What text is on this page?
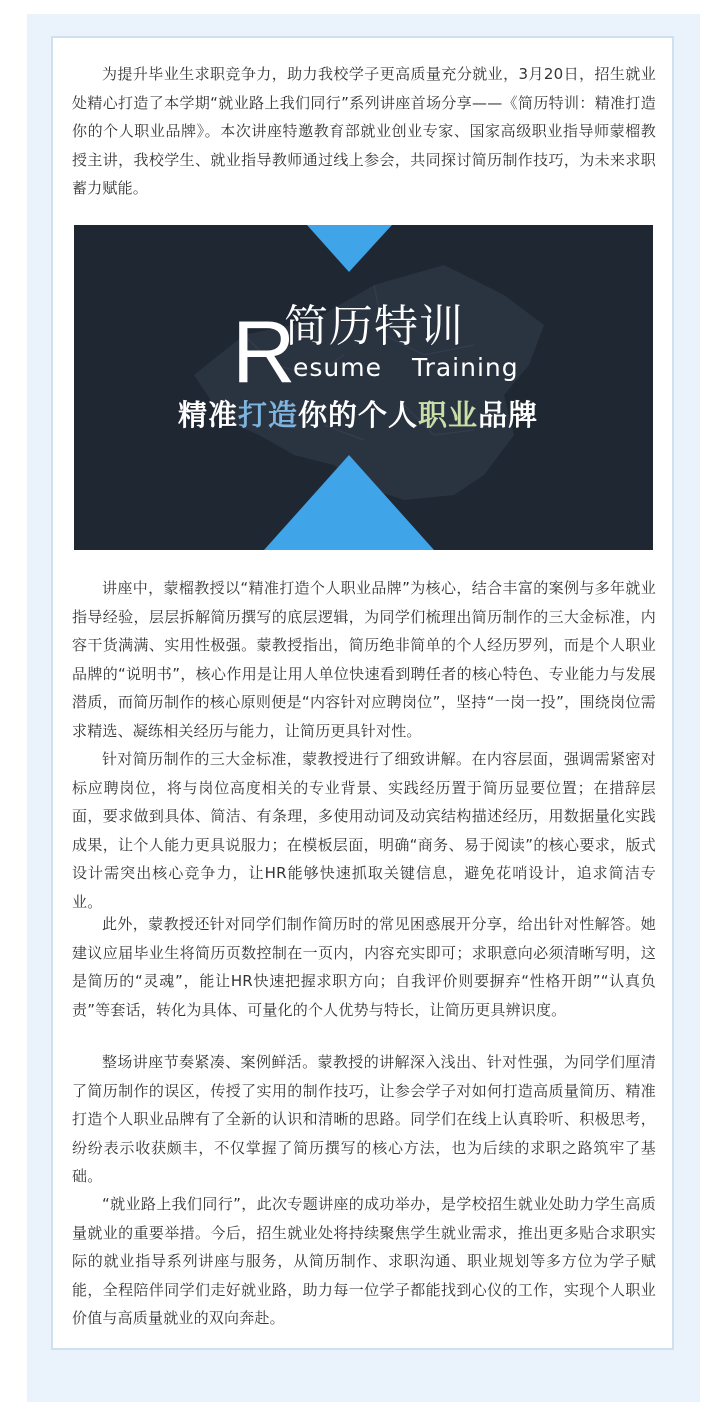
为提升毕业生求职竞争力，助力我校学子更高质量充分就业，3月20日，招生就业处精心打造了本学期“就业路上我们同行”系列讲座首场分享——《简历特训：精准打造你的个人职业品牌》。本次讲座特邀教育部就业创业专家、国家高级职业指导师蒙榴教授主讲，我校学生、就业指导教师通过线上参会，共同探讨简历制作技巧，为未来求职蓄力赋能。

R
简历特训
esume Training
精准打造你的个人职业品牌

讲座中，蒙榴教授以“精准打造个人职业品牌”为核心，结合丰富的案例与多年就业指导经验，层层拆解简历撰写的底层逻辑，为同学们梳理出简历制作的三大金标准，内容干货满满、实用性极强。蒙教授指出，简历绝非简单的个人经历罗列，而是个人职业品牌的“说明书”，核心作用是让用人单位快速看到聘任者的核心特色、专业能力与发展潜质，而简历制作的核心原则便是“内容针对应聘岗位”，坚持“一岗一投”，围绕岗位需求精选、凝练相关经历与能力，让简历更具针对性。

针对简历制作的三大金标准，蒙教授进行了细致讲解。在内容层面，强调需紧密对标应聘岗位，将与岗位高度相关的专业背景、实践经历置于简历显要位置；在措辞层面，要求做到具体、简洁、有条理，多使用动词及动宾结构描述经历，用数据量化实践成果，让个人能力更具说服力；在模板层面，明确“商务、易于阅读”的核心要求，版式设计需突出核心竞争力，让HR能够快速抓取关键信息，避免花哨设计，追求简洁专业。

此外，蒙教授还针对同学们制作简历时的常见困惑展开分享，给出针对性解答。她建议应届毕业生将简历页数控制在一页内，内容充实即可；求职意向必须清晰写明，这是简历的“灵魂”，能让HR快速把握求职方向；自我评价则要摒弃“性格开朗”“认真负责”等套话，转化为具体、可量化的个人优势与特长，让简历更具辨识度。

整场讲座节奏紧凑、案例鲜活。蒙教授的讲解深入浅出、针对性强，为同学们厘清了简历制作的误区，传授了实用的制作技巧，让参会学子对如何打造高质量简历、精准打造个人职业品牌有了全新的认识和清晰的思路。同学们在线上认真聆听、积极思考，纷纷表示收获颇丰，不仅掌握了简历撰写的核心方法，也为后续的求职之路筑牢了基础。

“就业路上我们同行”，此次专题讲座的成功举办，是学校招生就业处助力学生高质量就业的重要举措。今后，招生就业处将持续聚焦学生就业需求，推出更多贴合求职实际的就业指导系列讲座与服务，从简历制作、求职沟通、职业规划等多方位为学子赋能，全程陪伴同学们走好就业路，助力每一位学子都能找到心仪的工作，实现个人职业价值与高质量就业的双向奔赴。
